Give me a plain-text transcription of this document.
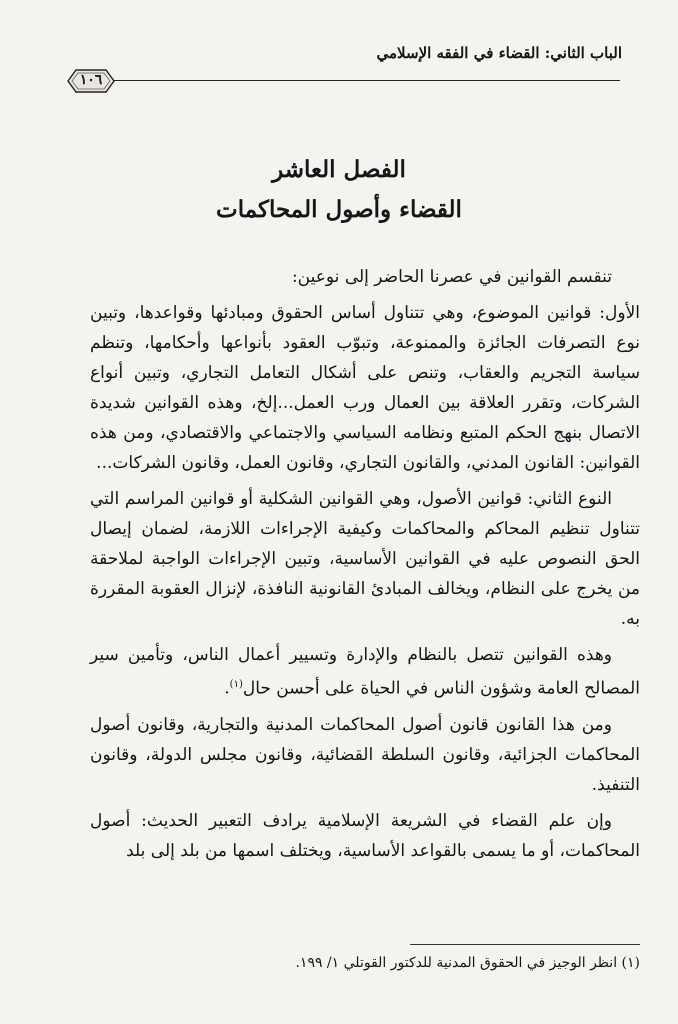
الباب الثاني: القضاء في الفقه الإسلامي
١٠٦
الفصل العاشر
القضاء وأصول المحاكمات

تنقسم القوانين في عصرنا الحاضر إلى نوعين:

الأول: قوانين الموضوع، وهي تتناول أساس الحقوق ومبادئها وقواعدها، وتبين نوع التصرفات الجائزة والممنوعة، وتبوّب العقود بأنواعها وأحكامها، وتنظم سياسة التجريم والعقاب، وتنص على أشكال التعامل التجاري، وتبين أنواع الشركات، وتقرر العلاقة بين العمال ورب العمل...إلخ، وهذه القوانين شديدة الاتصال بنهج الحكم المتبع ونظامه السياسي والاجتماعي والاقتصادي، ومن هذه القوانين: القانون المدني، والقانون التجاري، وقانون العمل، وقانون الشركات...

النوع الثاني: قوانين الأصول، وهي القوانين الشكلية أو قوانين المراسم التي تتناول تنظيم المحاكم والمحاكمات وكيفية الإجراءات اللازمة، لضمان إيصال الحق النصوص عليه في القوانين الأساسية، وتبين الإجراءات الواجبة لملاحقة من يخرج على النظام، ويخالف المبادئ القانونية النافذة، لإنزال العقوبة المقررة به.

وهذه القوانين تتصل بالنظام والإدارة وتسيير أعمال الناس، وتأمين سير المصالح العامة وشؤون الناس في الحياة على أحسن حال$^{(١)}$.

ومن هذا القانون قانون أصول المحاكمات المدنية والتجارية، وقانون أصول المحاكمات الجزائية، وقانون السلطة القضائية، وقانون مجلس الدولة، وقانون التنفيذ.

وإن علم القضاء في الشريعة الإسلامية يرادف التعبير الحديث: أصول المحاكمات، أو ما يسمى بالقواعد الأساسية، ويختلف اسمها من بلد إلى بلد

(١) انظر الوجيز في الحقوق المدنية للدكتور القوتلي ١/ ١٩٩.
